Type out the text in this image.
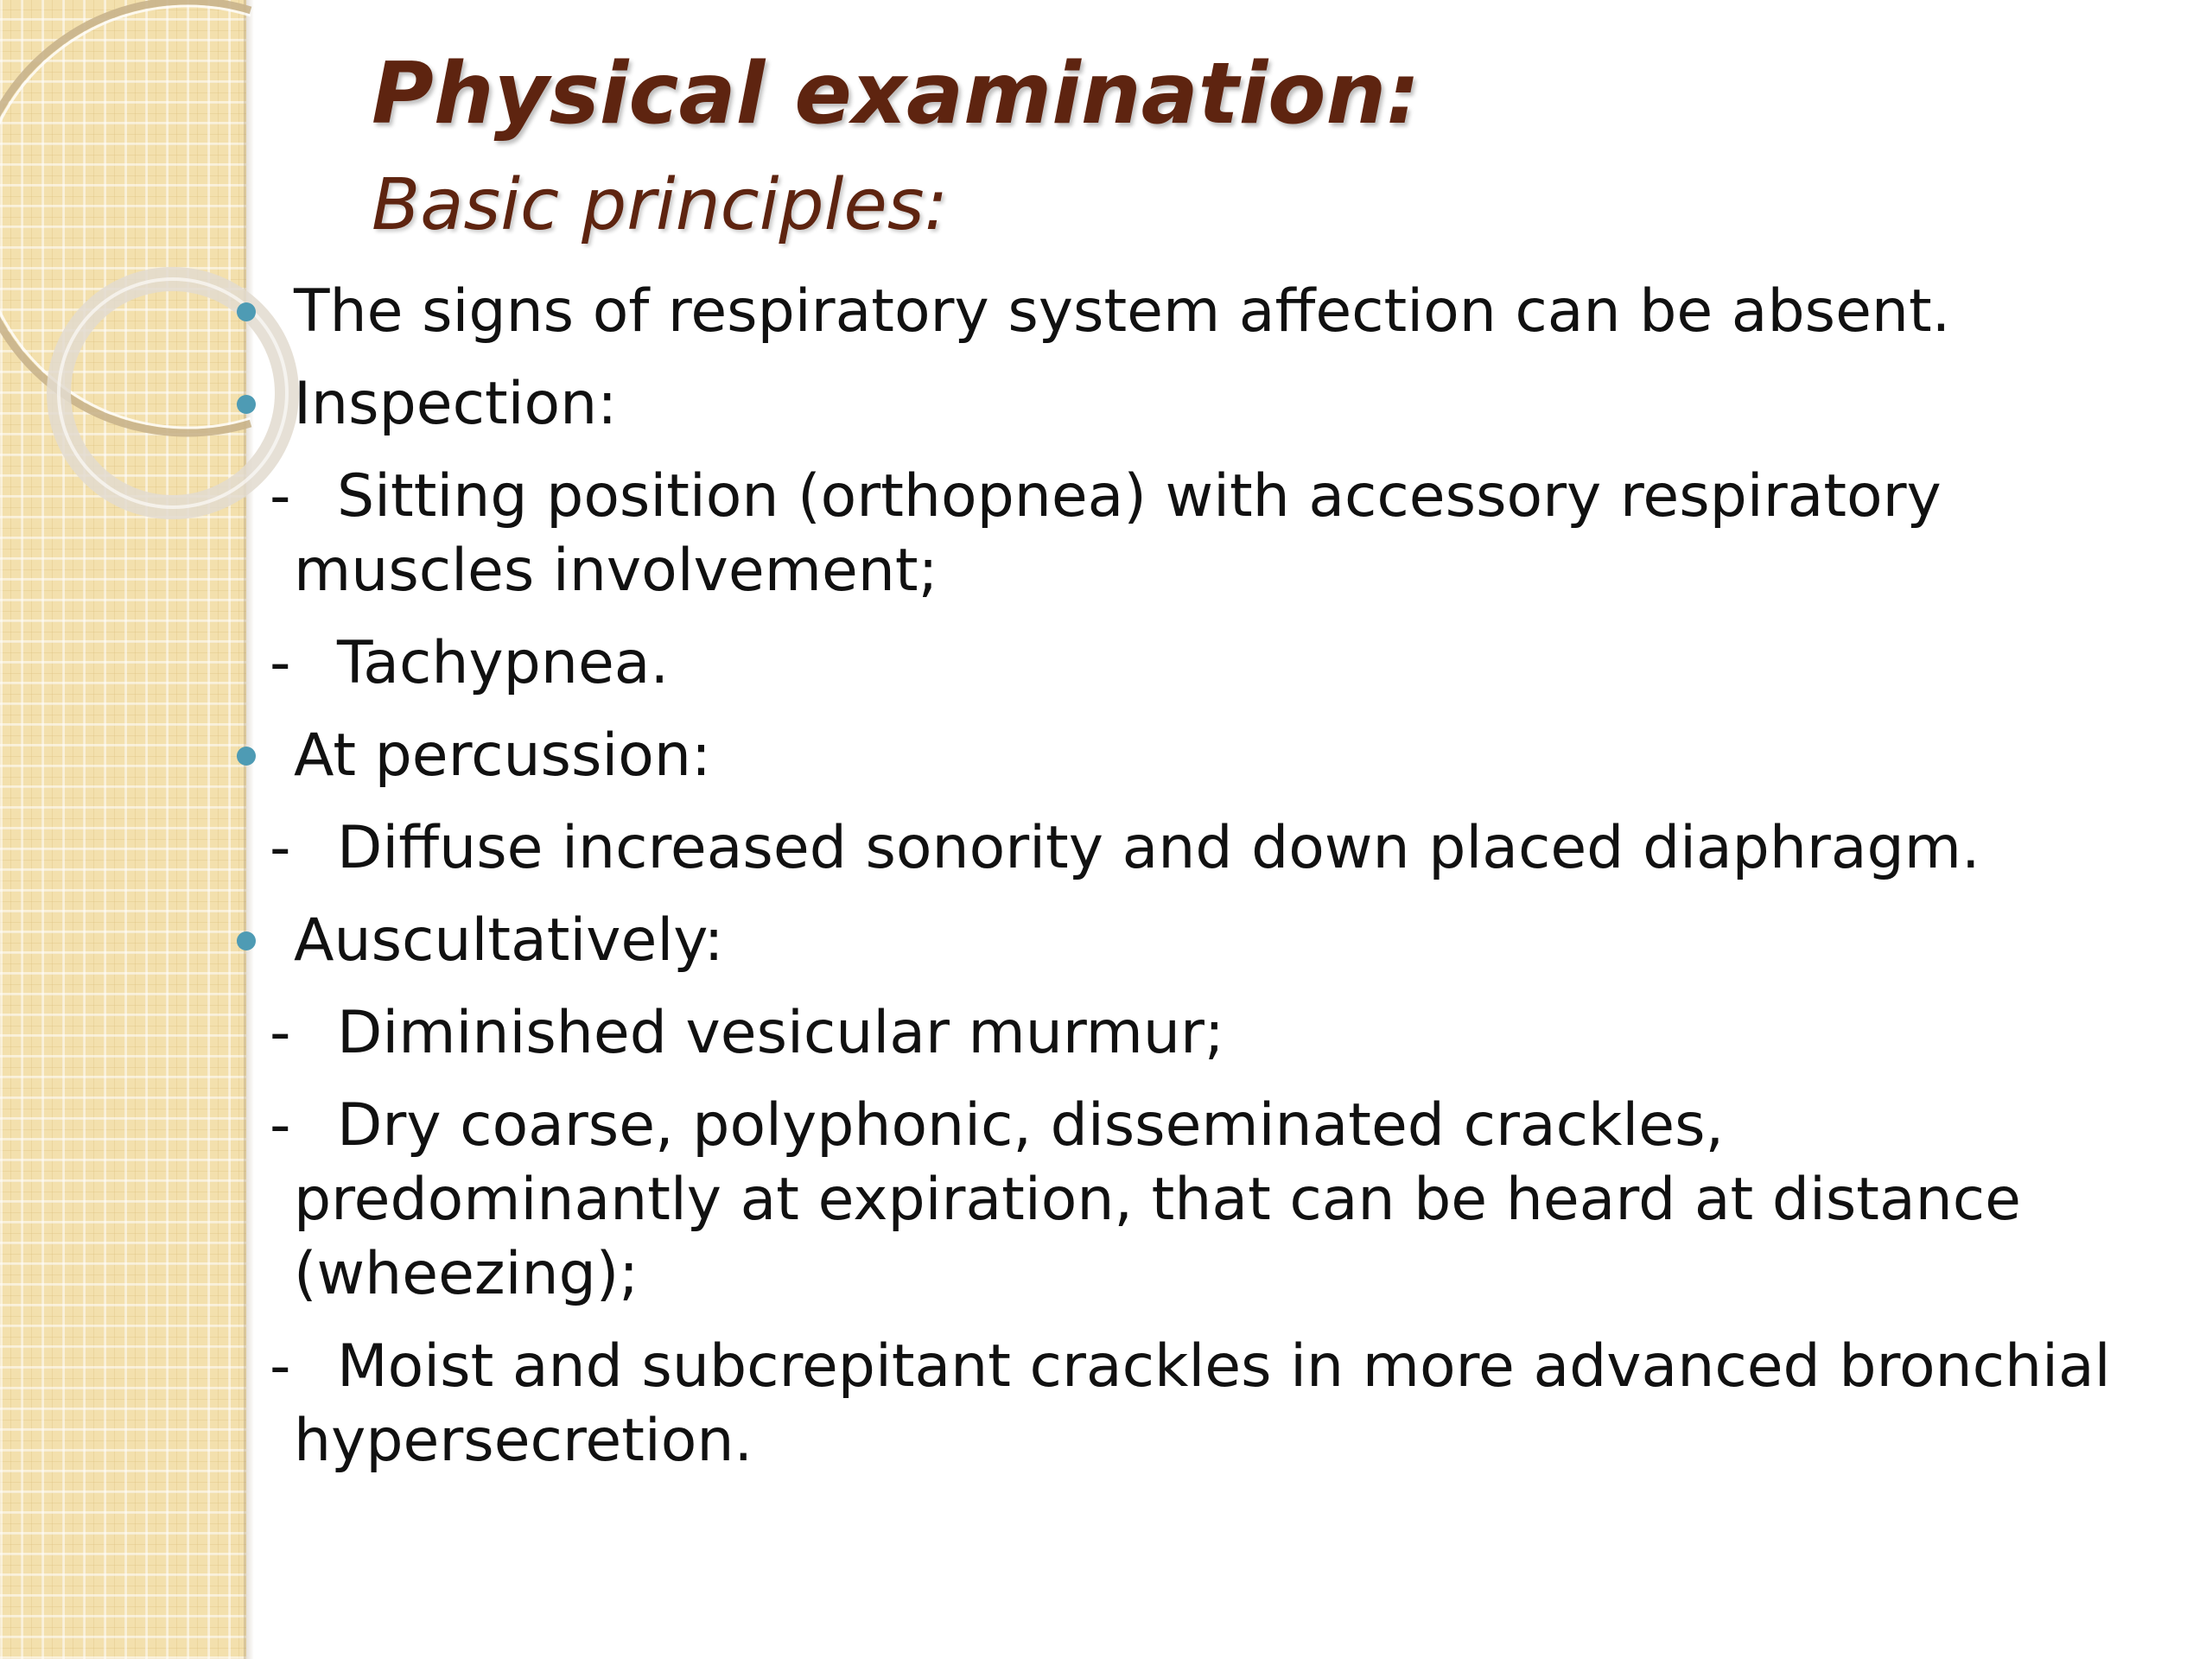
Physical examination:
Basic principles:
The signs of respiratory system affection can be absent.
Inspection:
- Sitting position (orthopnea) with accessory respiratory muscles involvement;
- Tachypnea.
At percussion:
- Diffuse increased sonority and down placed diaphragm.
Auscultatively:
- Diminished vesicular murmur;
- Dry coarse, polyphonic, disseminated crackles, predominantly at expiration, that can be heard at distance (wheezing);
- Moist and subcrepitant crackles in more advanced bronchial hypersecretion.
